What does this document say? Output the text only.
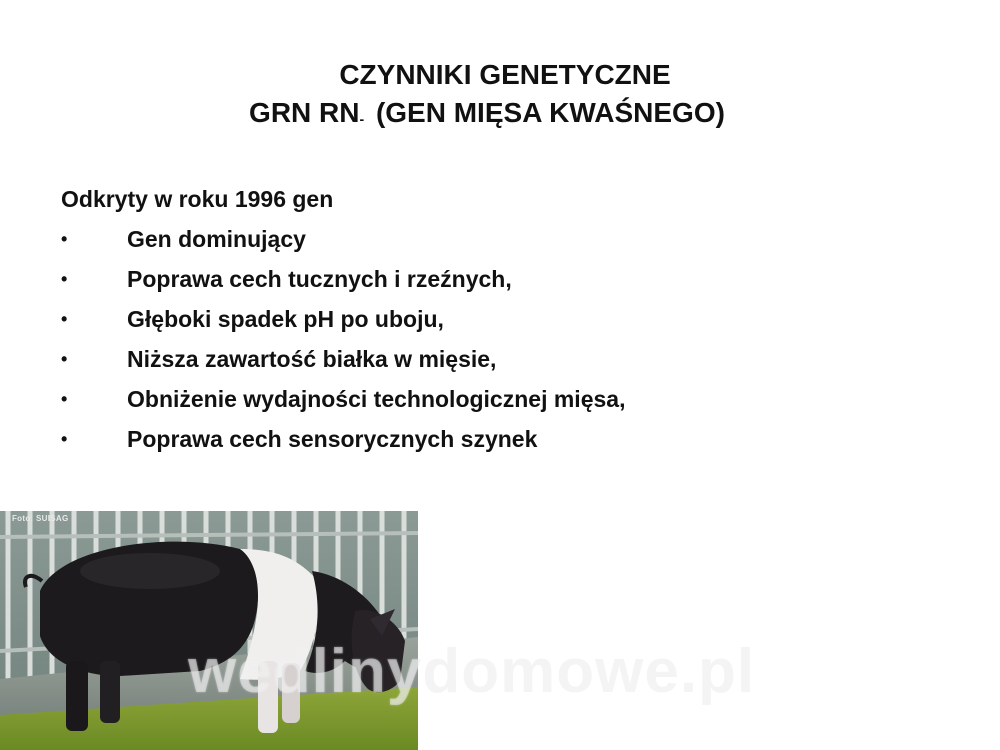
CZYNNIKI GENETYCZNE
GRN RN- (GEN MIĘSA KWAŚNEGO)
Odkryty w roku 1996 gen
•	Gen dominujący
•	Poprawa cech tucznych i rzeźnych,
•	Głęboki spadek pH po uboju,
•	Niższa zawartość białka w mięsie,
•	Obniżenie wydajności technologicznej mięsa,
•	Poprawa cech sensorycznych szynek
Foto: SUISAG
wedlinydomowe.pl
